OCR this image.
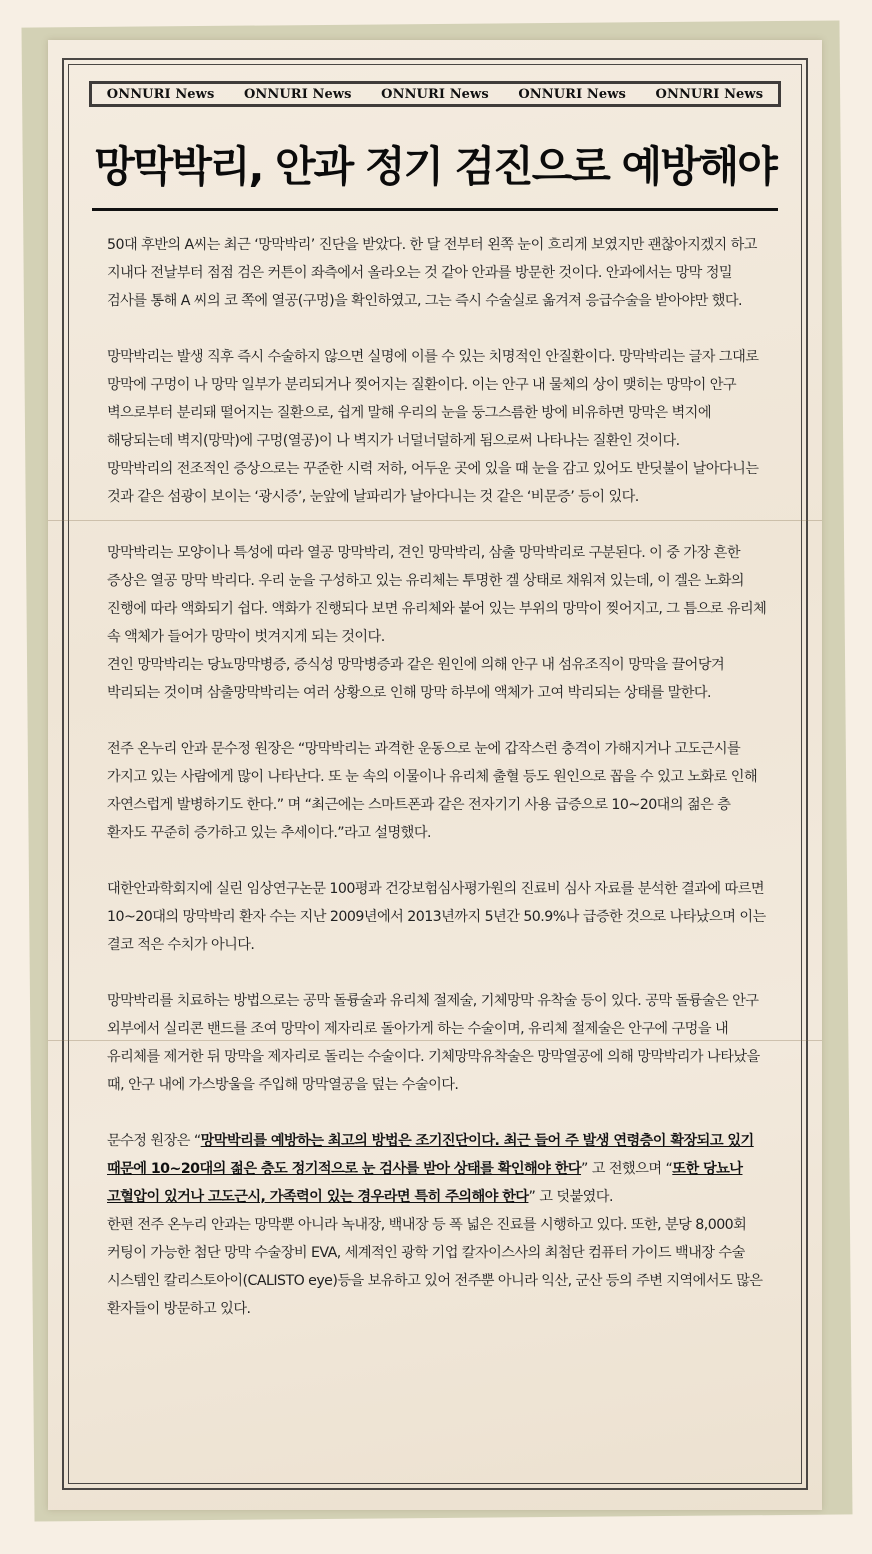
ONNURI News ONNURI News ONNURI News ONNURI News ONNURI News
망막박리, 안과 정기 검진으로 예방해야

50대 후반의 A씨는 최근 ‘망막박리’ 진단을 받았다. 한 달 전부터 왼쪽 눈이 흐리게 보였지만 괜찮아지겠지 하고 지내다 전날부터 점점 검은 커튼이 좌측에서 올라오는 것 같아 안과를 방문한 것이다. 안과에서는 망막 정밀 검사를 통해 A 씨의 코 쪽에 열공(구멍)을 확인하였고, 그는 즉시 수술실로 옮겨져 응급수술을 받아야만 했다.

망막박리는 발생 직후 즉시 수술하지 않으면 실명에 이를 수 있는 치명적인 안질환이다. 망막박리는 글자 그대로 망막에 구멍이 나 망막 일부가 분리되거나 찢어지는 질환이다. 이는 안구 내 물체의 상이 맺히는 망막이 안구 벽으로부터 분리돼 떨어지는 질환으로, 쉽게 말해 우리의 눈을 둥그스름한 방에 비유하면 망막은 벽지에 해당되는데 벽지(망막)에 구멍(열공)이 나 벽지가 너덜너덜하게 됨으로써 나타나는 질환인 것이다.

망막박리의 전조적인 증상으로는 꾸준한 시력 저하, 어두운 곳에 있을 때 눈을 감고 있어도 반딧불이 날아다니는 것과 같은 섬광이 보이는 ‘광시증’, 눈앞에 날파리가 날아다니는 것 같은 ‘비문증’ 등이 있다.

망막박리는 모양이나 특성에 따라 열공 망막박리, 견인 망막박리, 삼출 망막박리로 구분된다. 이 중 가장 흔한 증상은 열공 망막 박리다. 우리 눈을 구성하고 있는 유리체는 투명한 겔 상태로 채워져 있는데, 이 겔은 노화의 진행에 따라 액화되기 쉽다. 액화가 진행되다 보면 유리체와 붙어 있는 부위의 망막이 찢어지고, 그 틈으로 유리체 속 액체가 들어가 망막이 벗겨지게 되는 것이다.

견인 망막박리는 당뇨망막병증, 증식성 망막병증과 같은 원인에 의해 안구 내 섬유조직이 망막을 끌어당겨 박리되는 것이며 삼출망막박리는 여러 상황으로 인해 망막 하부에 액체가 고여 박리되는 상태를 말한다.

전주 온누리 안과 문수정 원장은 “망막박리는 과격한 운동으로 눈에 갑작스런 충격이 가해지거나 고도근시를 가지고 있는 사람에게 많이 나타난다. 또 눈 속의 이물이나 유리체 출혈 등도 원인으로 꼽을 수 있고 노화로 인해 자연스럽게 발병하기도 한다.” 며 “최근에는 스마트폰과 같은 전자기기 사용 급증으로 10~20대의 젊은 층 환자도 꾸준히 증가하고 있는 추세이다.”라고 설명했다.

대한안과학회지에 실린 임상연구논문 100평과 건강보험심사평가원의 진료비 심사 자료를 분석한 결과에 따르면 10~20대의 망막박리 환자 수는 지난 2009년에서 2013년까지 5년간 50.9%나 급증한 것으로 나타났으며 이는 결코 적은 수치가 아니다.

망막박리를 치료하는 방법으로는 공막 돌륭술과 유리체 절제술, 기체망막 유착술 등이 있다. 공막 돌륭술은 안구 외부에서 실리콘 밴드를 조여 망막이 제자리로 돌아가게 하는 수술이며, 유리체 절제술은 안구에 구멍을 내 유리체를 제거한 뒤 망막을 제자리로 돌리는 수술이다. 기체망막유착술은 망막열공에 의해 망막박리가 나타났을 때, 안구 내에 가스방울을 주입해 망막열공을 덮는 수술이다.

문수정 원장은 “망막박리를 예방하는 최고의 방법은 조기진단이다. 최근 들어 주 발생 연령층이 확장되고 있기 때문에 10~20대의 젊은 층도 정기적으로 눈 검사를 받아 상태를 확인해야 한다” 고 전했으며 “또한 당뇨나 고혈압이 있거나 고도근시, 가족력이 있는 경우라면 특히 주의해야 한다” 고 덧붙였다.

한편 전주 온누리 안과는 망막뿐 아니라 녹내장, 백내장 등 폭 넓은 진료를 시행하고 있다. 또한, 분당 8,000회 커팅이 가능한 첨단 망막 수술장비 EVA, 세계적인 광학 기업 칼자이스사의 최첨단 컴퓨터 가이드 백내장 수술 시스템인 칼리스토아이(CALISTO eye)등을 보유하고 있어 전주뿐 아니라 익산, 군산 등의 주변 지역에서도 많은 환자들이 방문하고 있다.
